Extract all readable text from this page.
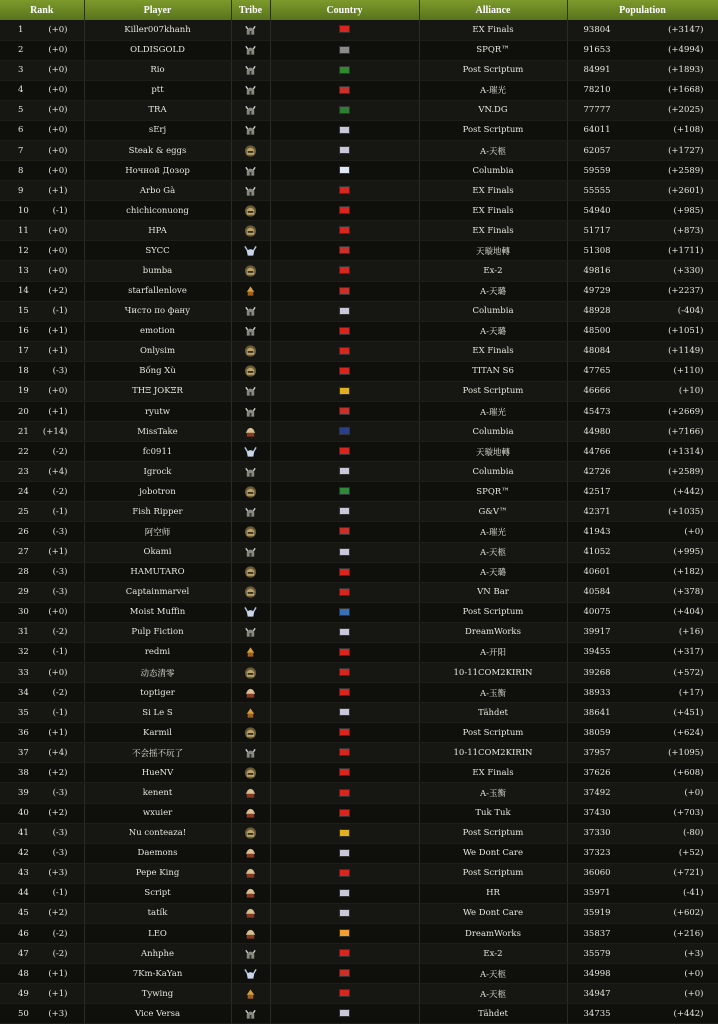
Rank	Player	Tribe	Country	Alliance	Population

1 (+0)	Killer007khanh			EX Finals	93804 (+3147)

2 (+0)	OLDISGOLD			SPQR™	91653 (+4994)

3 (+0)	Rio			Post Scriptum	84991 (+1893)

4 (+0)	ptt			A-璀光	78210 (+1668)

5 (+0)	TRA			VN.DG	77777 (+2025)

6 (+0)	sErj			Post Scriptum	64011 (+108)

7 (+0)	Steak & eggs			A-天柩	62057 (+1727)

8 (+0)	Ночной Дозор			Columbia	59559 (+2589)

9 (+1)	Arbo Gà			EX Finals	55555 (+2601)

10 (-1)	chichiconuong			EX Finals	54940 (+985)

11 (+0)	HPA			EX Finals	51717 (+873)

12 (+0)	SYCC			天璇地轉	51308 (+1711)

13 (+0)	bumba			Ex-2	49816 (+330)

14 (+2)	starfallenlove			A-天璐	49729 (+2237)

15 (-1)	Чисто по фану			Columbia	48928 (-404)

16 (+1)	emotion			A-天璐	48500 (+1051)

17 (+1)	Onlysim			EX Finals	48084 (+1149)

18 (-3)	Bống Xù			TITAN S6	47765 (+110)

19 (+0)	THΞ JOKΞR			Post Scriptum	46666 (+10)

20 (+1)	ryutw			A-璀光	45473 (+2669)

21 (+14)	MissTake			Columbia	44980 (+7166)

22 (-2)	fc0911			天璇地轉	44766 (+1314)

23 (+4)	Igrock			Columbia	42726 (+2589)

24 (-2)	jobotron			SPQR™	42517 (+442)

25 (-1)	Fish Ripper			G&V™	42371 (+1035)

26 (-3)	阿空师			A-璀光	41943 (+0)

27 (+1)	Okami			A-天柩	41052 (+995)

28 (-3)	HAMUTARO			A-天璐	40601 (+182)

29 (-3)	Captainmarvel			VN Bar	40584 (+378)

30 (+0)	Moist Muffin			Post Scriptum	40075 (+404)

31 (-2)	Pulp Fiction			DreamWorks	39917 (+16)

32 (-1)	redmi			A-开阳	39455 (+317)

33 (+0)	动态清零			10-11COM2KIRIN	39268 (+572)

34 (-2)	toptiger			A-玉衡	38933 (+17)

35 (-1)	Si Le S			Tähdet	38641 (+451)

36 (+1)	Karmil			Post Scriptum	38059 (+624)

37 (+4)	不会摇不玩了			10-11COM2KIRIN	37957 (+1095)

38 (+2)	HueNV			EX Finals	37626 (+608)

39 (-3)	kenent			A-玉衡	37492 (+0)

40 (+2)	wxuier			Tuk Tuk	37430 (+703)

41 (-3)	Nu conteaza!			Post Scriptum	37330 (-80)

42 (-3)	Daemons			We Dont Care	37323 (+52)

43 (+3)	Pepe King			Post Scriptum	36060 (+721)

44 (-1)	Script			HR	35971 (-41)

45 (+2)	tatík			We Dont Care	35919 (+602)

46 (-2)	LEO			DreamWorks	35837 (+216)

47 (-2)	Anhphe			Ex-2	35579 (+3)

48 (+1)	7Km-KaYan			A-天柩	34998 (+0)

49 (+1)	Tywing			A-天柩	34947 (+0)

50 (+3)	Vice Versa			Tähdet	34735 (+442)
